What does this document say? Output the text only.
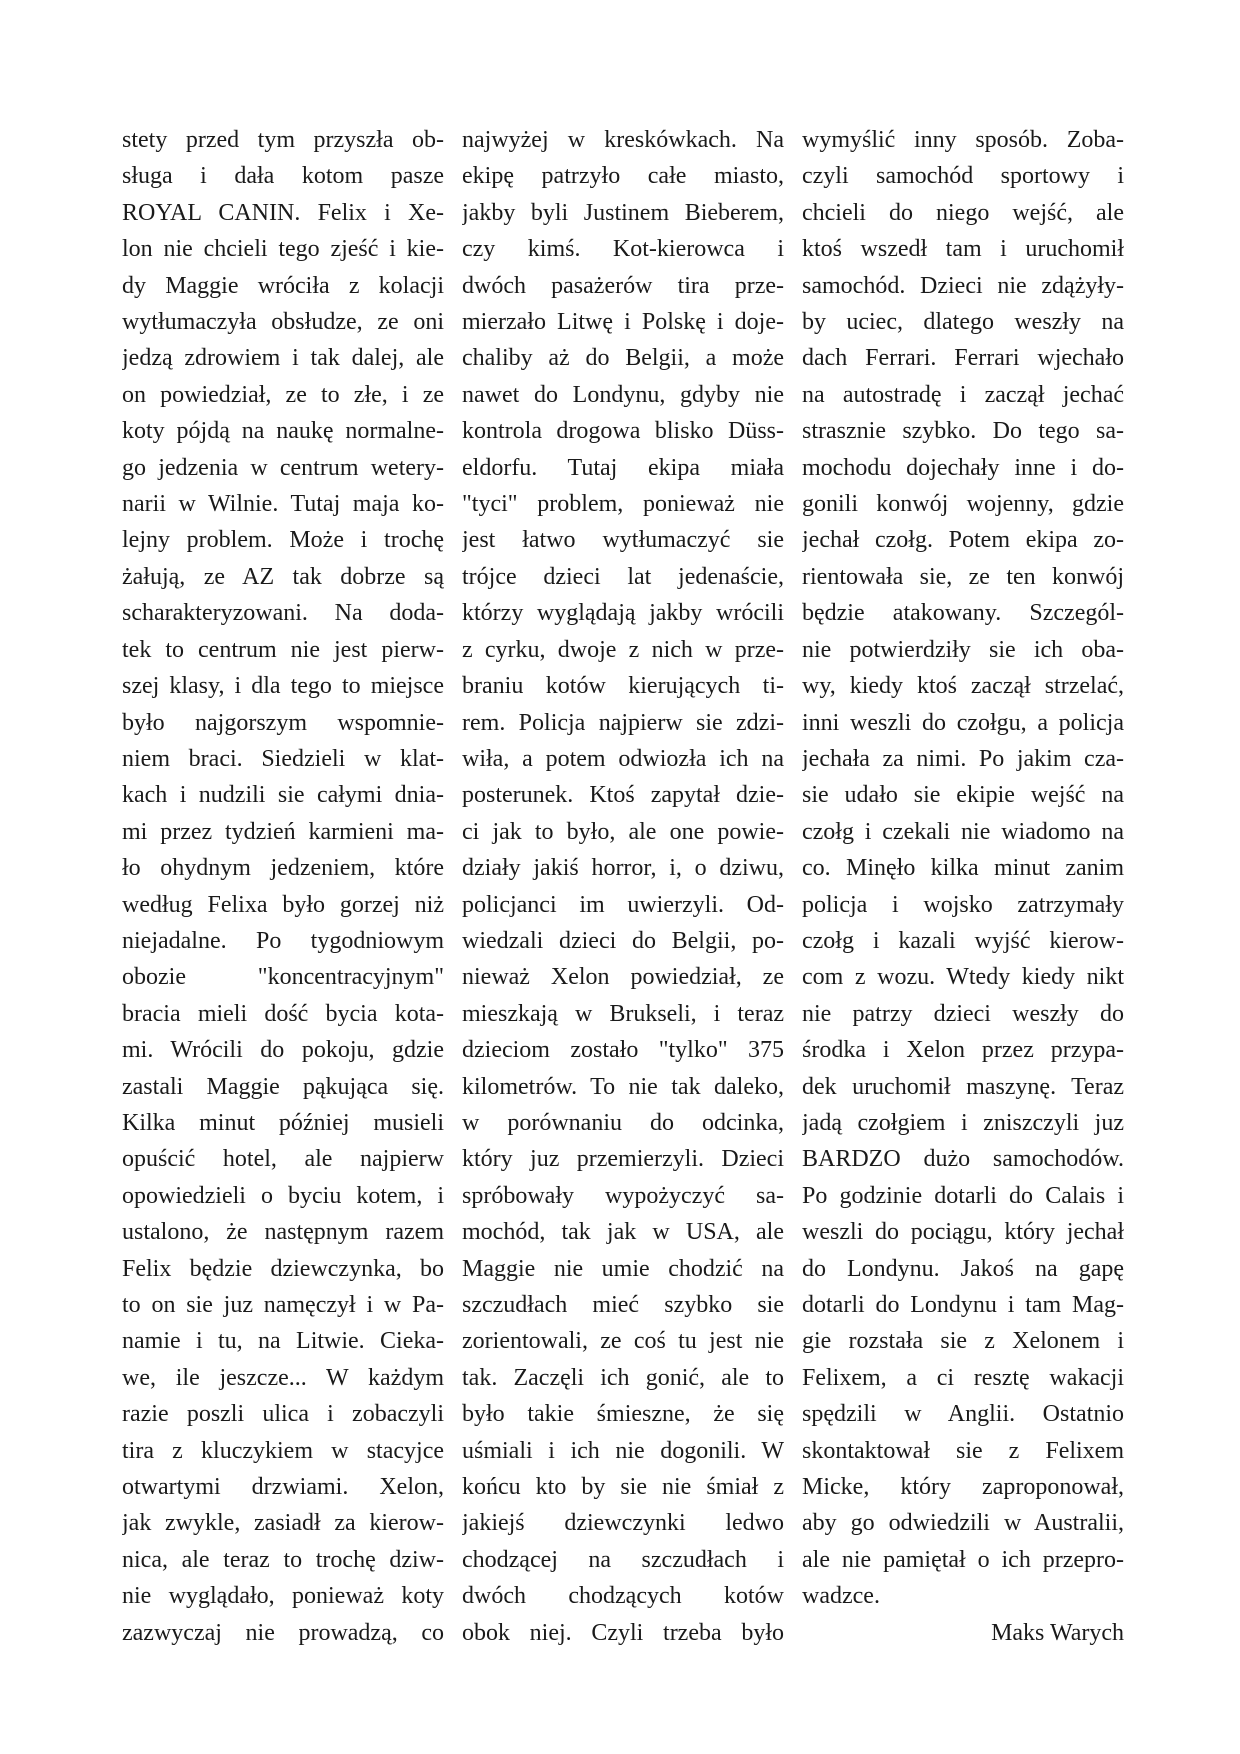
stety przed tym przyszła ob-
sługa i dała kotom pasze
ROYAL CANIN. Felix i Xe-
lon nie chcieli tego zjeść i kie-
dy Maggie wróciła z kolacji
wytłumaczyła obsłudze, ze oni
jedzą zdrowiem i tak dalej, ale
on powiedział, ze to złe, i ze
koty pójdą na naukę normalne-
go jedzenia w centrum wetery-
narii w Wilnie. Tutaj maja ko-
lejny problem. Może i trochę
żałują, ze AZ tak dobrze są
scharakteryzowani. Na doda-
tek to centrum nie jest pierw-
szej klasy, i dla tego to miejsce
było najgorszym wspomnie-
niem braci. Siedzieli w klat-
kach i nudzili sie całymi dnia-
mi przez tydzień karmieni ma-
ło ohydnym jedzeniem, które
według Felixa było gorzej niż
niejadalne. Po tygodniowym
obozie "koncentracyjnym"
bracia mieli dość bycia kota-
mi. Wrócili do pokoju, gdzie
zastali Maggie pąkująca się.
Kilka minut później musieli
opuścić hotel, ale najpierw
opowiedzieli o byciu kotem, i
ustalono, że następnym razem
Felix będzie dziewczynka, bo
to on sie juz namęczył i w Pa-
namie i tu, na Litwie. Cieka-
we, ile jeszcze... W każdym
razie poszli ulica i zobaczyli
tira z kluczykiem w stacyjce
otwartymi drzwiami. Xelon,
jak zwykle, zasiadł za kierow-
nica, ale teraz to trochę dziw-
nie wyglądało, ponieważ koty
zazwyczaj nie prowadzą, co
najwyżej w kreskówkach. Na
ekipę patrzyło całe miasto,
jakby byli Justinem Bieberem,
czy kimś. Kot-kierowca i
dwóch pasażerów tira prze-
mierzało Litwę i Polskę i doje-
chaliby aż do Belgii, a może
nawet do Londynu, gdyby nie
kontrola drogowa blisko Düss-
eldorfu. Tutaj ekipa miała
"tyci" problem, ponieważ nie
jest łatwo wytłumaczyć sie
trójce dzieci lat jedenaście,
którzy wyglądają jakby wrócili
z cyrku, dwoje z nich w prze-
braniu kotów kierujących ti-
rem. Policja najpierw sie zdzi-
wiła, a potem odwiozła ich na
posterunek. Ktoś zapytał dzie-
ci jak to było, ale one powie-
działy jakiś horror, i, o dziwu,
policjanci im uwierzyli. Od-
wiedzali dzieci do Belgii, po-
nieważ Xelon powiedział, ze
mieszkają w Brukseli, i teraz
dzieciom zostało "tylko" 375
kilometrów. To nie tak daleko,
w porównaniu do odcinka,
który juz przemierzyli. Dzieci
spróbowały wypożyczyć sa-
mochód, tak jak w USA, ale
Maggie nie umie chodzić na
szczudłach mieć szybko sie
zorientowali, ze coś tu jest nie
tak. Zaczęli ich gonić, ale to
było takie śmieszne, że się
uśmiali i ich nie dogonili. W
końcu kto by sie nie śmiał z
jakiejś dziewczynki ledwo
chodzącej na szczudłach i
dwóch chodzących kotów
obok niej. Czyli trzeba było
wymyślić inny sposób. Zoba-
czyli samochód sportowy i
chcieli do niego wejść, ale
ktoś wszedł tam i uruchomił
samochód. Dzieci nie zdążyły-
by uciec, dlatego weszły na
dach Ferrari. Ferrari wjechało
na autostradę i zaczął jechać
strasznie szybko. Do tego sa-
mochodu dojechały inne i do-
gonili konwój wojenny, gdzie
jechał czołg. Potem ekipa zo-
rientowała sie, ze ten konwój
będzie atakowany. Szczegól-
nie potwierdziły sie ich oba-
wy, kiedy ktoś zaczął strzelać,
inni weszli do czołgu, a policja
jechała za nimi. Po jakim cza-
sie udało sie ekipie wejść na
czołg i czekali nie wiadomo na
co. Minęło kilka minut zanim
policja i wojsko zatrzymały
czołg i kazali wyjść kierow-
com z wozu. Wtedy kiedy nikt
nie patrzy dzieci weszły do
środka i Xelon przez przypa-
dek uruchomił maszynę. Teraz
jadą czołgiem i zniszczyli juz
BARDZO dużo samochodów.
Po godzinie dotarli do Calais i
weszli do pociągu, który jechał
do Londynu. Jakoś na gapę
dotarli do Londynu i tam Mag-
gie rozstała sie z Xelonem i
Felixem, a ci resztę wakacji
spędzili w Anglii. Ostatnio
skontaktował sie z Felixem
Micke, który zaproponował,
aby go odwiedzili w Australii,
ale nie pamiętał o ich przepro-
wadzce.
Maks Warych
